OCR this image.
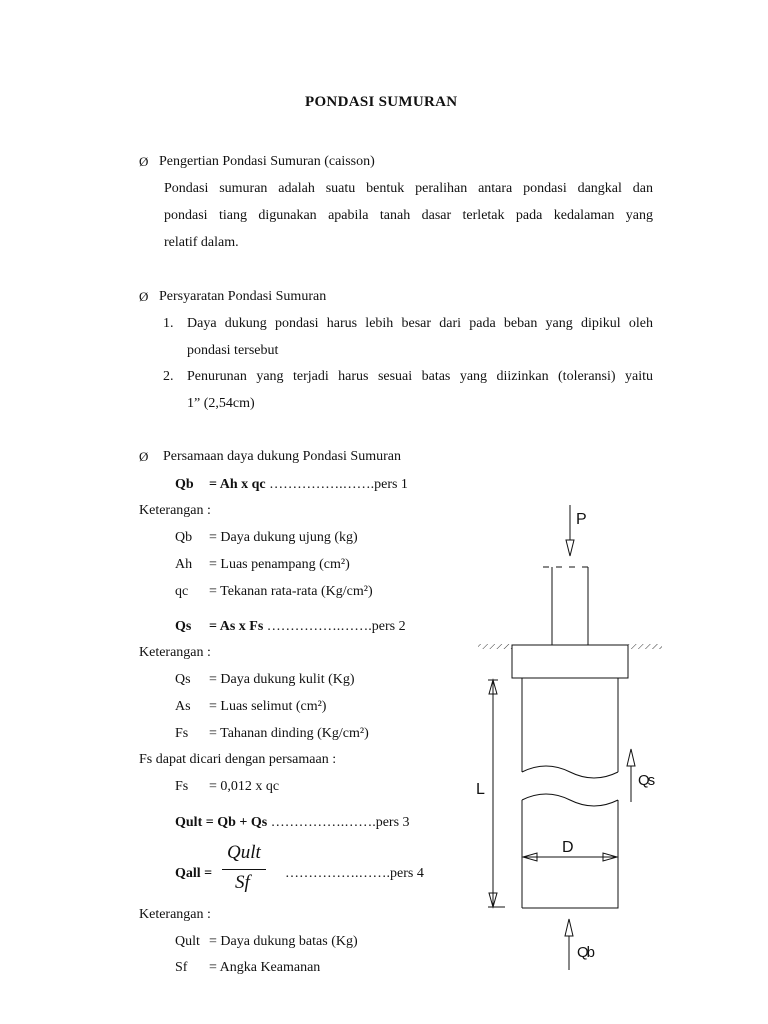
PONDASI SUMURAN
Ø Pengertian Pondasi Sumuran (caisson)
Pondasi sumuran adalah suatu bentuk peralihan antara pondasi dangkal dan
pondasi tiang digunakan apabila tanah dasar terletak pada kedalaman yang
relatif dalam.
Ø Persyaratan Pondasi Sumuran
1. Daya dukung pondasi harus lebih besar dari pada beban yang dipikul oleh
pondasi tersebut
2. Penurunan yang terjadi harus sesuai batas yang diizinkan (toleransi) yaitu
1” (2,54cm)
Ø Persamaan daya dukung Pondasi Sumuran
Qb = Ah x qc …………….…….pers 1
Keterangan :
Qb = Daya dukung ujung (kg)
Ah = Luas penampang (cm²)
qc = Tekanan rata-rata (Kg/cm²)
Qs = As x Fs …………….…….pers 2
Keterangan :
Qs = Daya dukung kulit (Kg)
As = Luas selimut (cm²)
Fs = Tahanan dinding (Kg/cm²)
Fs dapat dicari dengan persamaan :
Fs = 0,012 x qc
Qult = Qb + Qs …………….…….pers 3
Qall =
Qult
Sf	…………….…….pers 4
Keterangan :
Qult = Daya dukung batas (Kg)
Sf = Angka Keamanan
P
L
D
Qs
Qb
